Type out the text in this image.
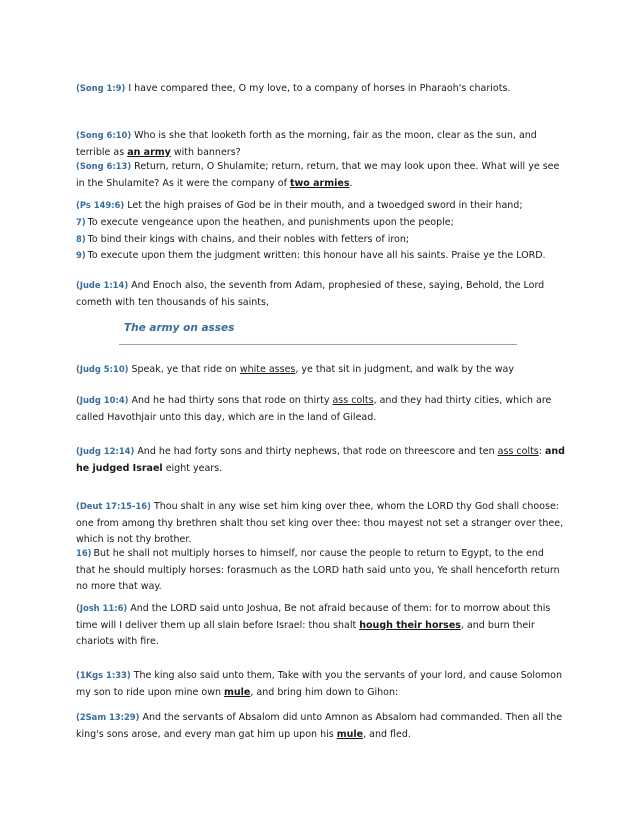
(Song 1:9) I have compared thee, O my love, to a company of horses in Pharaoh's chariots.

(Song 6:10) Who is she that looketh forth as the morning, fair as the moon, clear as the sun, and terrible as an army with banners?

(Song 6:13) Return, return, O Shulamite; return, return, that we may look upon thee. What will ye see in the Shulamite? As it were the company of two armies.

(Ps 149:6) Let the high praises of God be in their mouth, and a twoedged sword in their hand;

7) To execute vengeance upon the heathen, and punishments upon the people;

8) To bind their kings with chains, and their nobles with fetters of iron;

9) To execute upon them the judgment written: this honour have all his saints. Praise ye the LORD.

(Jude 1:14) And Enoch also, the seventh from Adam, prophesied of these, saying, Behold, the Lord cometh with ten thousands of his saints,

The army on asses

(Judg 5:10) Speak, ye that ride on white asses, ye that sit in judgment, and walk by the way

(Judg 10:4) And he had thirty sons that rode on thirty ass colts, and they had thirty cities, which are called Havothjair unto this day, which are in the land of Gilead.

(Judg 12:14) And he had forty sons and thirty nephews, that rode on threescore and ten ass colts: and he judged Israel eight years.

(Deut 17:15-16) Thou shalt in any wise set him king over thee, whom the LORD thy God shall choose: one from among thy brethren shalt thou set king over thee: thou mayest not set a stranger over thee, which is not thy brother.

16) But he shall not multiply horses to himself, nor cause the people to return to Egypt, to the end that he should multiply horses: forasmuch as the LORD hath said unto you, Ye shall henceforth return no more that way.

(Josh 11:6) And the LORD said unto Joshua, Be not afraid because of them: for to morrow about this time will I deliver them up all slain before Israel: thou shalt hough their horses, and burn their chariots with fire.

(1Kgs 1:33) The king also said unto them, Take with you the servants of your lord, and cause Solomon my son to ride upon mine own mule, and bring him down to Gihon:

(2Sam 13:29) And the servants of Absalom did unto Amnon as Absalom had commanded. Then all the king's sons arose, and every man gat him up upon his mule, and fled.
